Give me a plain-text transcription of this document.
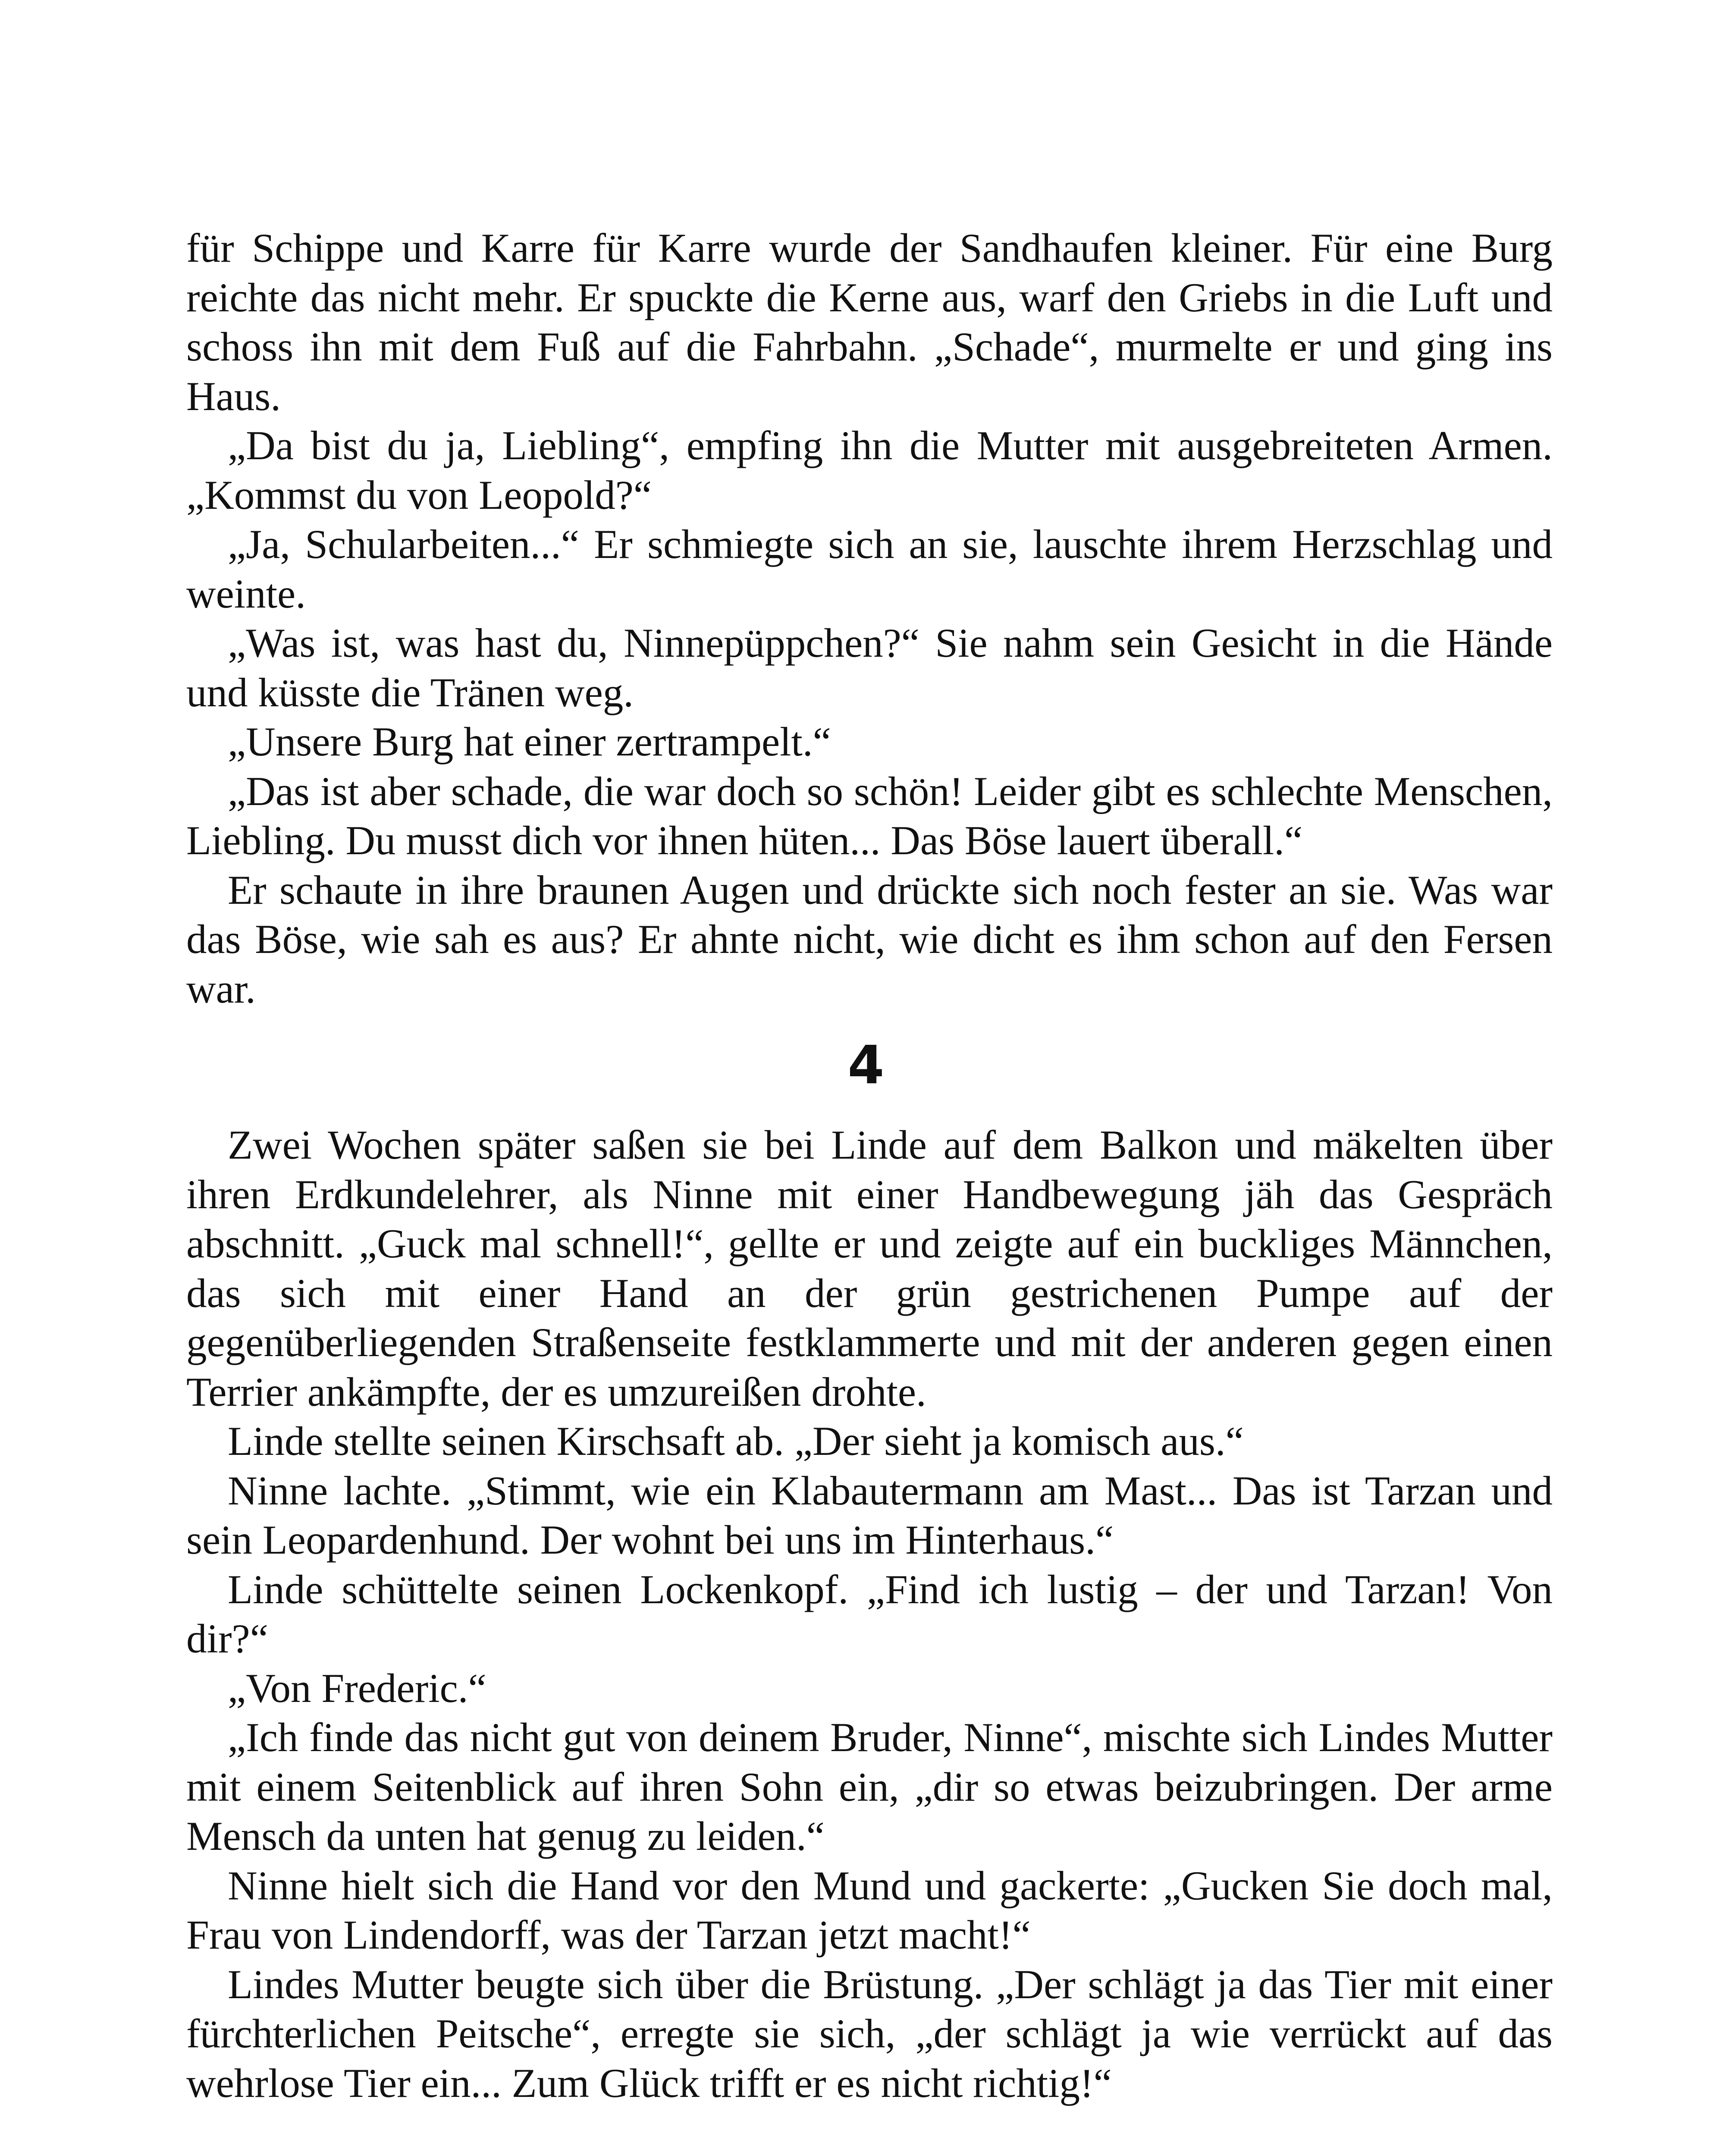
für Schippe und Karre für Karre wurde der Sandhaufen kleiner. Für eine Burg reichte das nicht mehr. Er spuckte die Kerne aus, warf den Griebs in die Luft und schoss ihn mit dem Fuß auf die Fahrbahn. „Schade“, murmelte er und ging ins Haus.

„Da bist du ja, Liebling“, empfing ihn die Mutter mit ausgebreiteten Armen. „Kommst du von Leopold?“

„Ja, Schularbeiten...“ Er schmiegte sich an sie, lauschte ihrem Herzschlag und weinte.

„Was ist, was hast du, Ninnepüppchen?“ Sie nahm sein Gesicht in die Hände und küsste die Tränen weg.

„Unsere Burg hat einer zertrampelt.“

„Das ist aber schade, die war doch so schön! Leider gibt es schlechte Menschen, Liebling. Du musst dich vor ihnen hüten... Das Böse lauert überall.“

Er schaute in ihre braunen Augen und drückte sich noch fester an sie. Was war das Böse, wie sah es aus? Er ahnte nicht, wie dicht es ihm schon auf den Fersen war.

4

Zwei Wochen später saßen sie bei Linde auf dem Balkon und mäkelten über ihren Erdkundelehrer, als Ninne mit einer Handbewegung jäh das Gespräch abschnitt. „Guck mal schnell!“, gellte er und zeigte auf ein buckliges Männchen, das sich mit einer Hand an der grün gestrichenen Pumpe auf der gegenüberliegenden Straßenseite festklammerte und mit der anderen gegen einen Terrier ankämpfte, der es umzureißen drohte.

Linde stellte seinen Kirschsaft ab. „Der sieht ja komisch aus.“

Ninne lachte. „Stimmt, wie ein Klabautermann am Mast... Das ist Tarzan und sein Leopardenhund. Der wohnt bei uns im Hinterhaus.“

Linde schüttelte seinen Lockenkopf. „Find ich lustig – der und Tarzan! Von dir?“

„Von Frederic.“

„Ich finde das nicht gut von deinem Bruder, Ninne“, mischte sich Lindes Mutter mit einem Seitenblick auf ihren Sohn ein, „dir so etwas beizubringen. Der arme Mensch da unten hat genug zu leiden.“

Ninne hielt sich die Hand vor den Mund und gackerte: „Gucken Sie doch mal, Frau von Lindendorff, was der Tarzan jetzt macht!“

Lindes Mutter beugte sich über die Brüstung. „Der schlägt ja das Tier mit einer fürchterlichen Peitsche“, erregte sie sich, „der schlägt ja wie verrückt auf das wehrlose Tier ein... Zum Glück trifft er es nicht richtig!“
